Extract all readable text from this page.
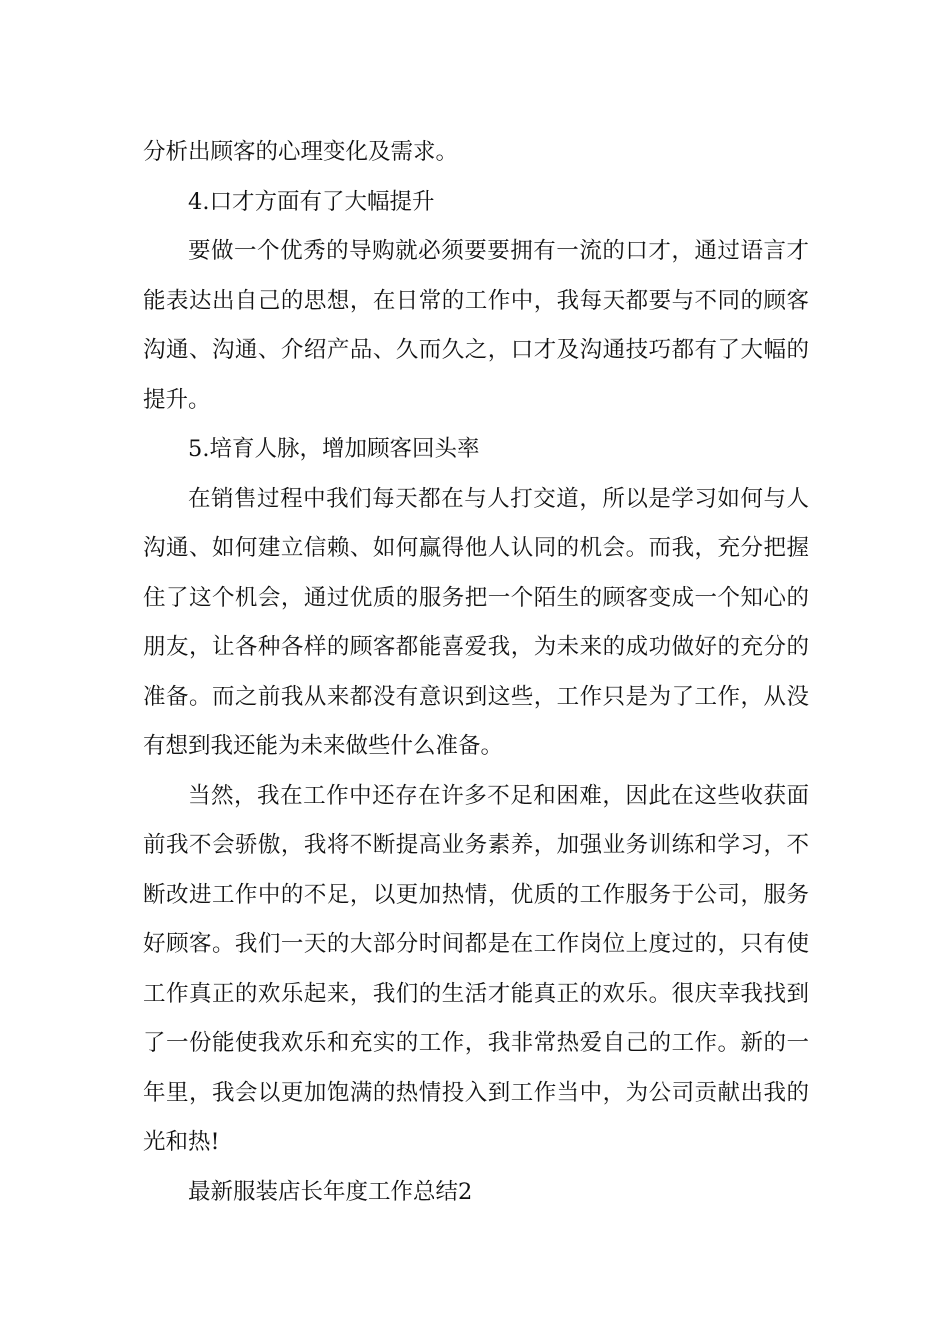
分析出顾客的心理变化及需求。
4.口才方面有了大幅提升
要做一个优秀的导购就必须要要拥有一流的口才，通过语言才
能表达出自己的思想，在日常的工作中，我每天都要与不同的顾客
沟通、沟通、介绍产品、久而久之，口才及沟通技巧都有了大幅的
提升。
5.培育人脉，增加顾客回头率
在销售过程中我们每天都在与人打交道，所以是学习如何与人
沟通、如何建立信赖、如何赢得他人认同的机会。而我，充分把握
住了这个机会，通过优质的服务把一个陌生的顾客变成一个知心的
朋友，让各种各样的顾客都能喜爱我，为未来的成功做好的充分的
准备。而之前我从来都没有意识到这些，工作只是为了工作，从没
有想到我还能为未来做些什么准备。
当然，我在工作中还存在许多不足和困难，因此在这些收获面
前我不会骄傲，我将不断提高业务素养，加强业务训练和学习，不
断改进工作中的不足，以更加热情，优质的工作服务于公司，服务
好顾客。我们一天的大部分时间都是在工作岗位上度过的，只有使
工作真正的欢乐起来，我们的生活才能真正的欢乐。很庆幸我找到
了一份能使我欢乐和充实的工作，我非常热爱自己的工作。新的一
年里，我会以更加饱满的热情投入到工作当中，为公司贡献出我的
光和热!
最新服装店长年度工作总结2
